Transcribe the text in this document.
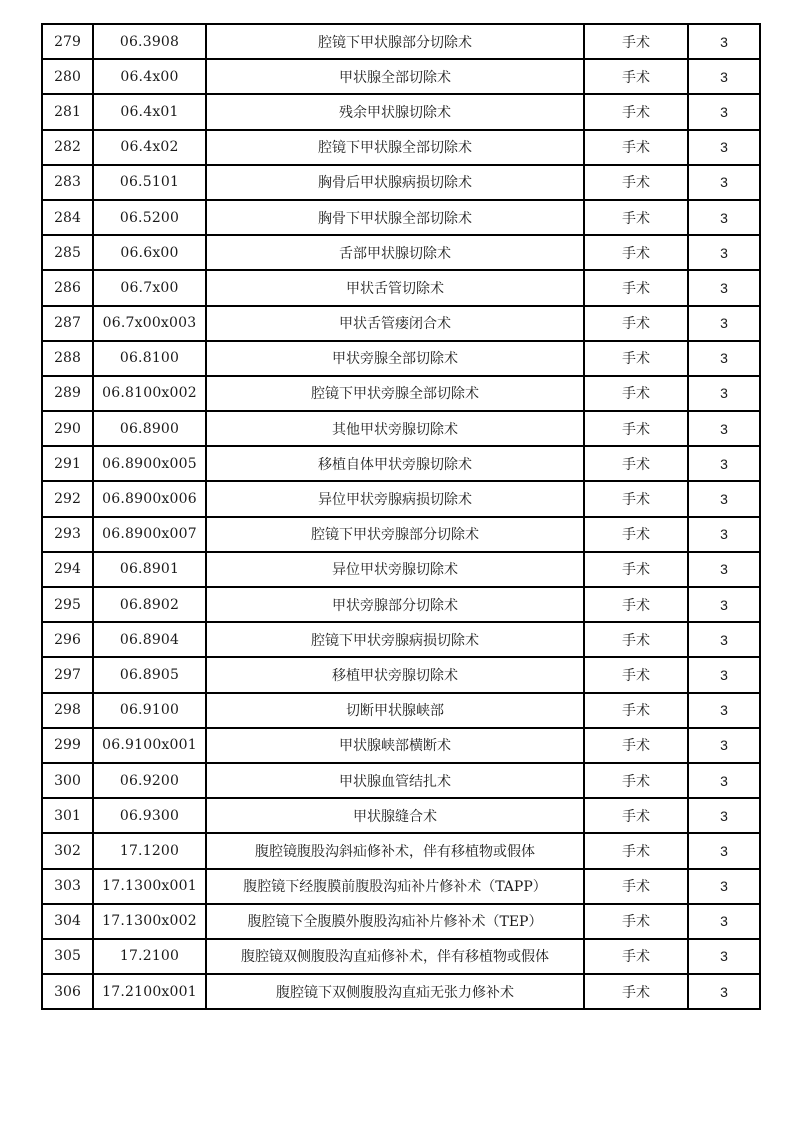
279	06.3908	腔镜下甲状腺部分切除术	手术	3
280	06.4x00	甲状腺全部切除术	手术	3
281	06.4x01	残余甲状腺切除术	手术	3
282	06.4x02	腔镜下甲状腺全部切除术	手术	3
283	06.5101	胸骨后甲状腺病损切除术	手术	3
284	06.5200	胸骨下甲状腺全部切除术	手术	3
285	06.6x00	舌部甲状腺切除术	手术	3
286	06.7x00	甲状舌管切除术	手术	3
287	06.7x00x003	甲状舌管瘘闭合术	手术	3
288	06.8100	甲状旁腺全部切除术	手术	3
289	06.8100x002	腔镜下甲状旁腺全部切除术	手术	3
290	06.8900	其他甲状旁腺切除术	手术	3
291	06.8900x005	移植自体甲状旁腺切除术	手术	3
292	06.8900x006	异位甲状旁腺病损切除术	手术	3
293	06.8900x007	腔镜下甲状旁腺部分切除术	手术	3
294	06.8901	异位甲状旁腺切除术	手术	3
295	06.8902	甲状旁腺部分切除术	手术	3
296	06.8904	腔镜下甲状旁腺病损切除术	手术	3
297	06.8905	移植甲状旁腺切除术	手术	3
298	06.9100	切断甲状腺峡部	手术	3
299	06.9100x001	甲状腺峡部横断术	手术	3
300	06.9200	甲状腺血管结扎术	手术	3
301	06.9300	甲状腺缝合术	手术	3
302	17.1200	腹腔镜腹股沟斜疝修补术，伴有移植物或假体	手术	3
303	17.1300x001	腹腔镜下经腹膜前腹股沟疝补片修补术（TAPP）	手术	3
304	17.1300x002	腹腔镜下全腹膜外腹股沟疝补片修补术（TEP）	手术	3
305	17.2100	腹腔镜双侧腹股沟直疝修补术，伴有移植物或假体	手术	3
306	17.2100x001	腹腔镜下双侧腹股沟直疝无张力修补术	手术	3
